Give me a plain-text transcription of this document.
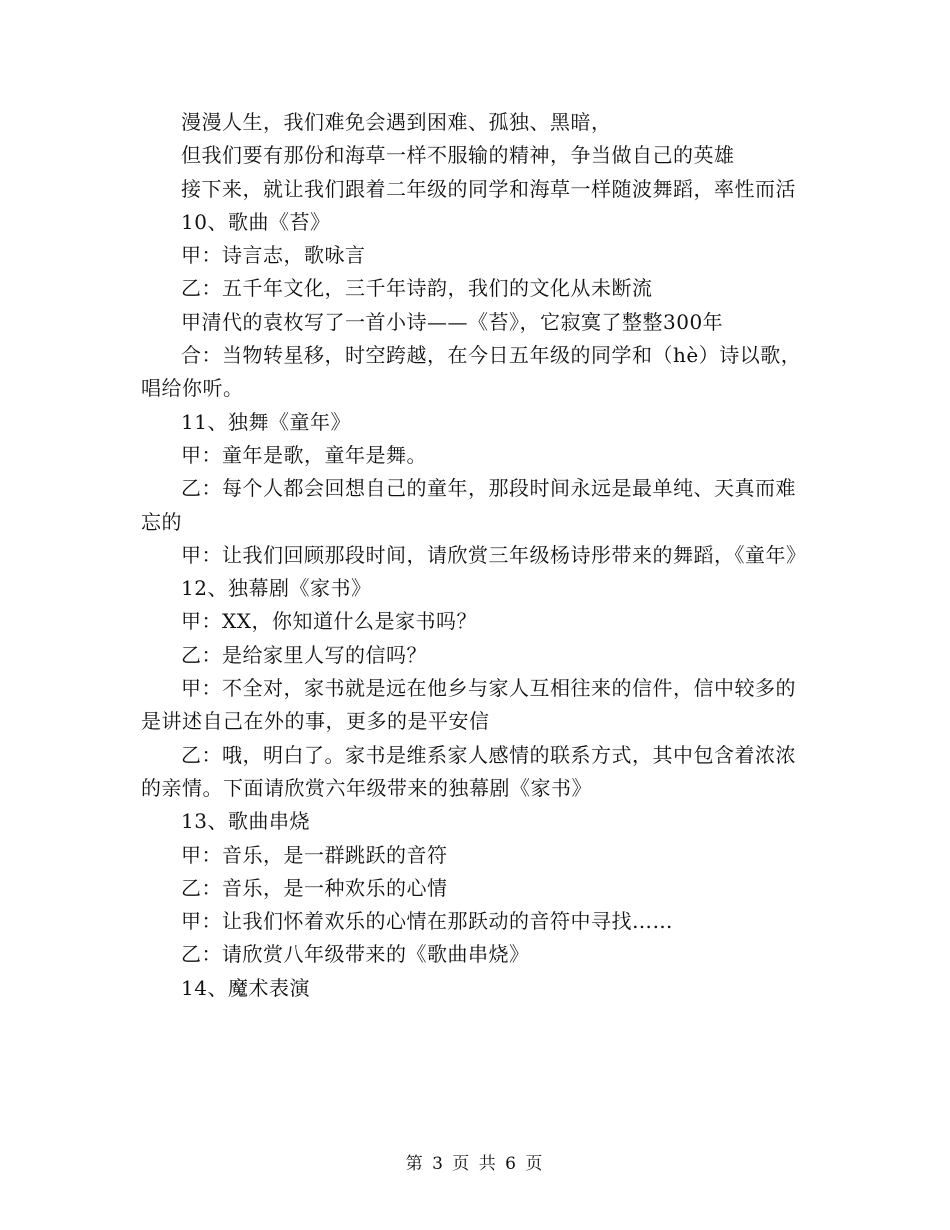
漫漫人生，我们难免会遇到困难、孤独、黑暗，

但我们要有那份和海草一样不服输的精神，争当做自己的英雄

接下来，就让我们跟着二年级的同学和海草一样随波舞蹈，率性而活

10、歌曲《苔》

甲：诗言志，歌咏言

乙：五千年文化，三千年诗韵，我们的文化从未断流

甲清代的袁枚写了一首小诗——《苔》，它寂寞了整整300年

合：当物转星移，时空跨越，在今日五年级的同学和（hè）诗以歌，唱给你听。

11、独舞《童年》

甲：童年是歌，童年是舞。

乙：每个人都会回想自己的童年，那段时间永远是最单纯、天真而难忘的

甲：让我们回顾那段时间，请欣赏三年级杨诗彤带来的舞蹈，《童年》

12、独幕剧《家书》

甲：XX，你知道什么是家书吗？

乙：是给家里人写的信吗？

甲：不全对，家书就是远在他乡与家人互相往来的信件，信中较多的是讲述自己在外的事，更多的是平安信

乙：哦，明白了。家书是维系家人感情的联系方式，其中包含着浓浓的亲情。下面请欣赏六年级带来的独幕剧《家书》

13、歌曲串烧

甲：音乐，是一群跳跃的音符

乙：音乐，是一种欢乐的心情

甲：让我们怀着欢乐的心情在那跃动的音符中寻找……

乙：请欣赏八年级带来的《歌曲串烧》

14、魔术表演

第 3 页 共 6 页
